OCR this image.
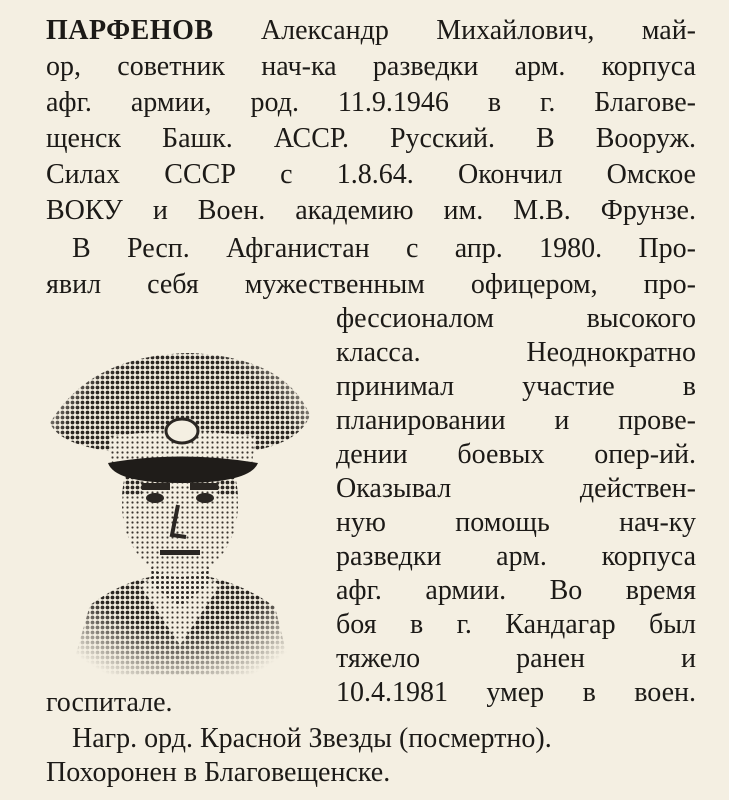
ПАРФЕНОВ Александр Михайлович, май-
ор, советник нач-ка разведки арм. корпуса
афг. армии, род. 11.9.1946 в г. Благове-
щенск Башк. АССР. Русский. В Вооруж.
Силах СССР с 1.8.64. Окончил Омское
ВОКУ и Воен. академию им. М.В. Фрунзе.
В Респ. Афганистан с апр. 1980. Про-
явил себя мужественным офицером, про-
фессионалом высокого
класса. Неоднократно
принимал участие в
планировании и прове-
дении боевых опер-ий.
Оказывал действен-
ную помощь нач-ку
разведки арм. корпуса
афг. армии. Во время
боя в г. Кандагар был
тяжело ранен и
10.4.1981 умер в воен.
госпитале.
Нагр. орд. Красной Звезды (посмертно).
Похоронен в Благовещенске.
